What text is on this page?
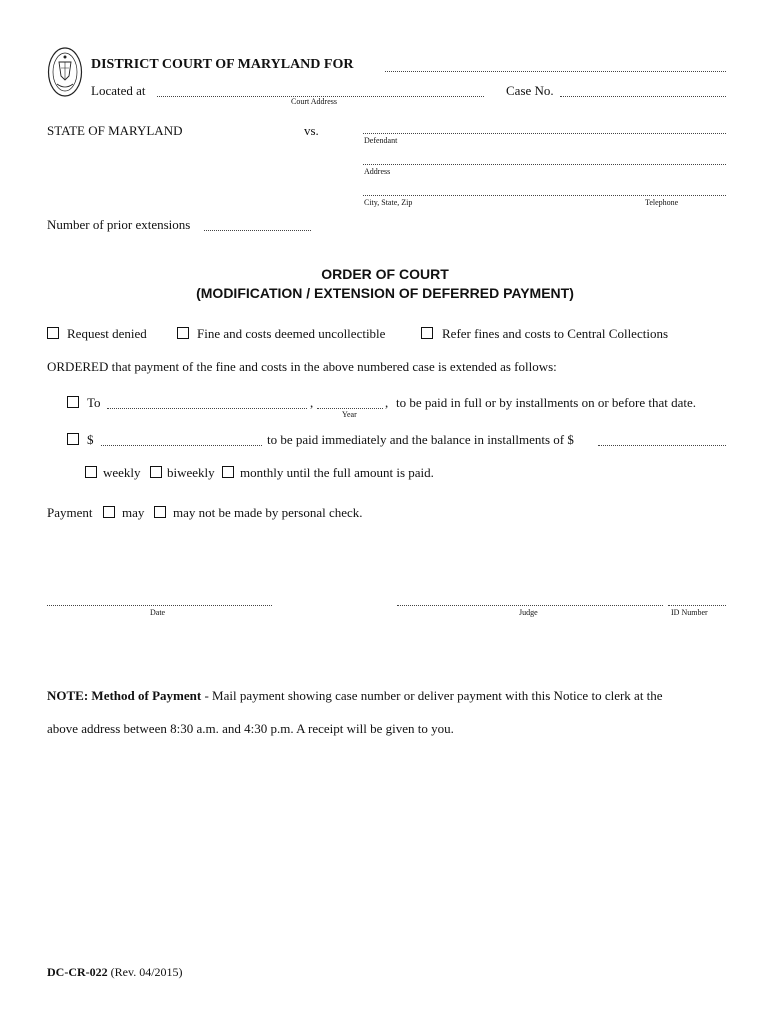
DISTRICT COURT OF MARYLAND FOR
Located at
Court Address
Case No.
STATE OF MARYLAND	vs.
Defendant
Address
City, State, Zip	Telephone
Number of prior extensions
ORDER OF COURT
(MODIFICATION / EXTENSION OF DEFERRED PAYMENT)
Request denied	Fine and costs deemed uncollectible	Refer fines and costs to Central Collections
ORDERED that payment of the fine and costs in the above numbered case is extended as follows:
To	,	,
Year
to be paid in full or by installments on or before that date.
$	to be paid immediately and the balance in installments of $
weekly biweekly monthly until the full amount is paid.
Payment may may not be made by personal check.
Date	Judge	ID Number
NOTE: Method of Payment - Mail payment showing case number or deliver payment with this Notice to clerk at the
above address between 8:30 a.m. and 4:30 p.m. A receipt will be given to you.
DC-CR-022 (Rev. 04/2015)
